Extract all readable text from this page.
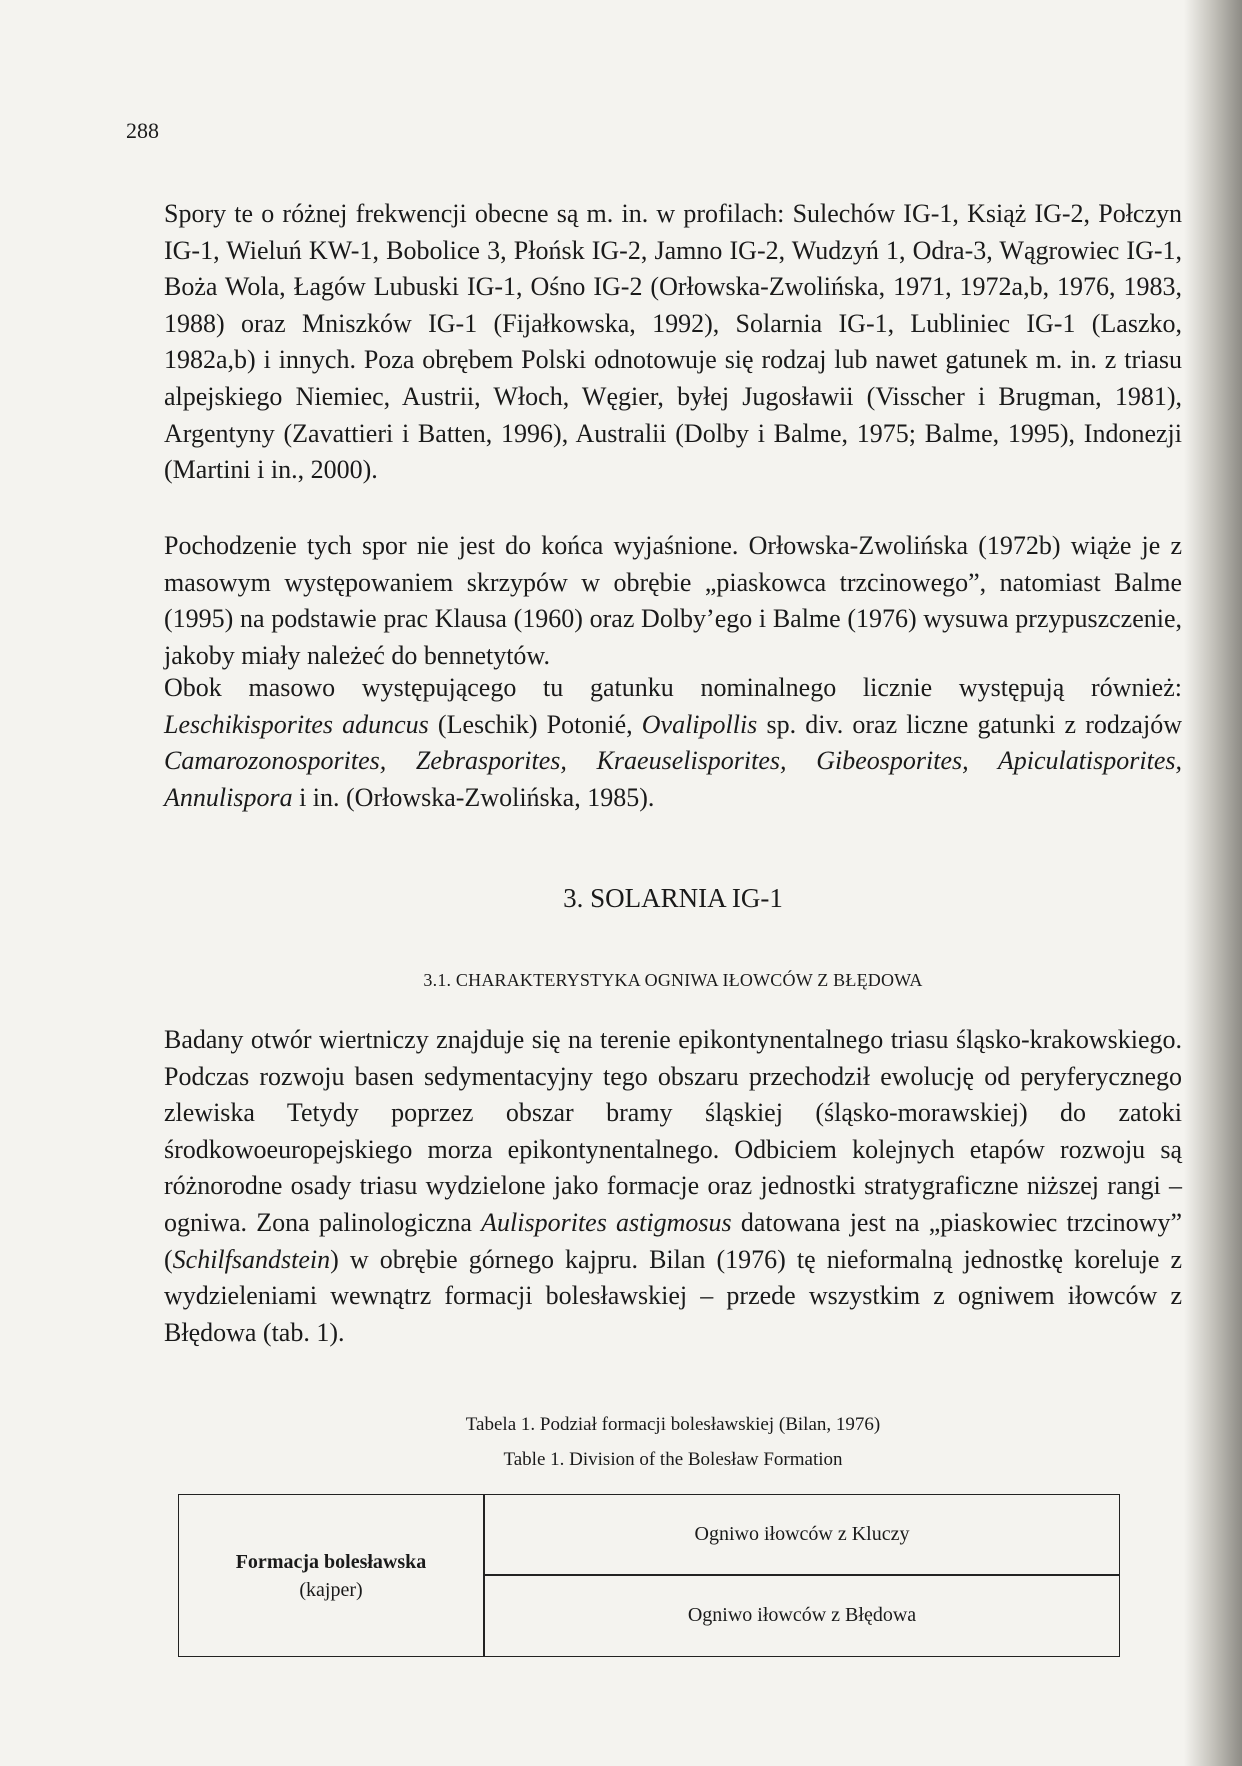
288

Spory te o różnej frekwencji obecne są m. in. w profilach: Sulechów IG-1, Książ IG-2, Połczyn IG-1, Wieluń KW-1, Bobolice 3, Płońsk IG-2, Jamno IG-2, Wudzyń 1, Odra-3, Wągrowiec IG-1, Boża Wola, Łagów Lubuski IG-1, Ośno IG-2 (Orłowska-Zwolińska, 1971, 1972a,b, 1976, 1983, 1988) oraz Mniszków IG-1 (Fijałkowska, 1992), Solarnia IG-1, Lubliniec IG-1 (Laszko, 1982a,b) i innych. Poza obrębem Polski odnotowuje się rodzaj lub nawet gatunek m. in. z triasu alpejskiego Niemiec, Austrii, Włoch, Węgier, byłej Jugosławii (Visscher i Brugman, 1981), Argentyny (Zavattieri i Batten, 1996), Australii (Dolby i Balme, 1975; Balme, 1995), Indonezji (Martini i in., 2000).

Pochodzenie tych spor nie jest do końca wyjaśnione. Orłowska-Zwolińska (1972b) wiąże je z masowym występowaniem skrzypów w obrębie „piaskowca trzcinowego”, natomiast Balme (1995) na podstawie prac Klausa (1960) oraz Dolby’ego i Balme (1976) wysuwa przypuszczenie, jakoby miały należeć do bennetytów.

Obok masowo występującego tu gatunku nominalnego licznie występują również: Leschikisporites aduncus (Leschik) Potonié, Ovalipollis sp. div. oraz liczne gatunki z rodzajów Camarozonosporites, Zebrasporites, Kraeuselisporites, Gibeosporites, Apiculatisporites, Annulispora i in. (Orłowska-Zwolińska, 1985).

3. SOLARNIA IG-1
3.1. CHARAKTERYSTYKA OGNIWA IŁOWCÓW Z BŁĘDOWA

Badany otwór wiertniczy znajduje się na terenie epikontynentalnego triasu śląsko-krakowskiego. Podczas rozwoju basen sedymentacyjny tego obszaru przechodził ewolucję od peryferycznego zlewiska Tetydy poprzez obszar bramy śląskiej (śląsko-morawskiej) do zatoki środkowoeuropejskiego morza epikontynentalnego. Odbiciem kolejnych etapów rozwoju są różnorodne osady triasu wydzielone jako formacje oraz jednostki stratygraficzne niższej rangi – ogniwa. Zona palinologiczna Aulisporites astigmosus datowana jest na „piaskowiec trzcinowy” (Schilfsandstein) w obrębie górnego kajpru. Bilan (1976) tę nieformalną jednostkę koreluje z wydzieleniami wewnątrz formacji bolesławskiej – przede wszystkim z ogniwem iłowców z Błędowa (tab. 1).

Tabela 1. Podział formacji bolesławskiej (Bilan, 1976)

Table 1. Division of the Bolesław Formation

Formacja bolesławska
(kajper)
Ogniwo iłowców z Kluczy
Ogniwo iłowców z Błędowa
